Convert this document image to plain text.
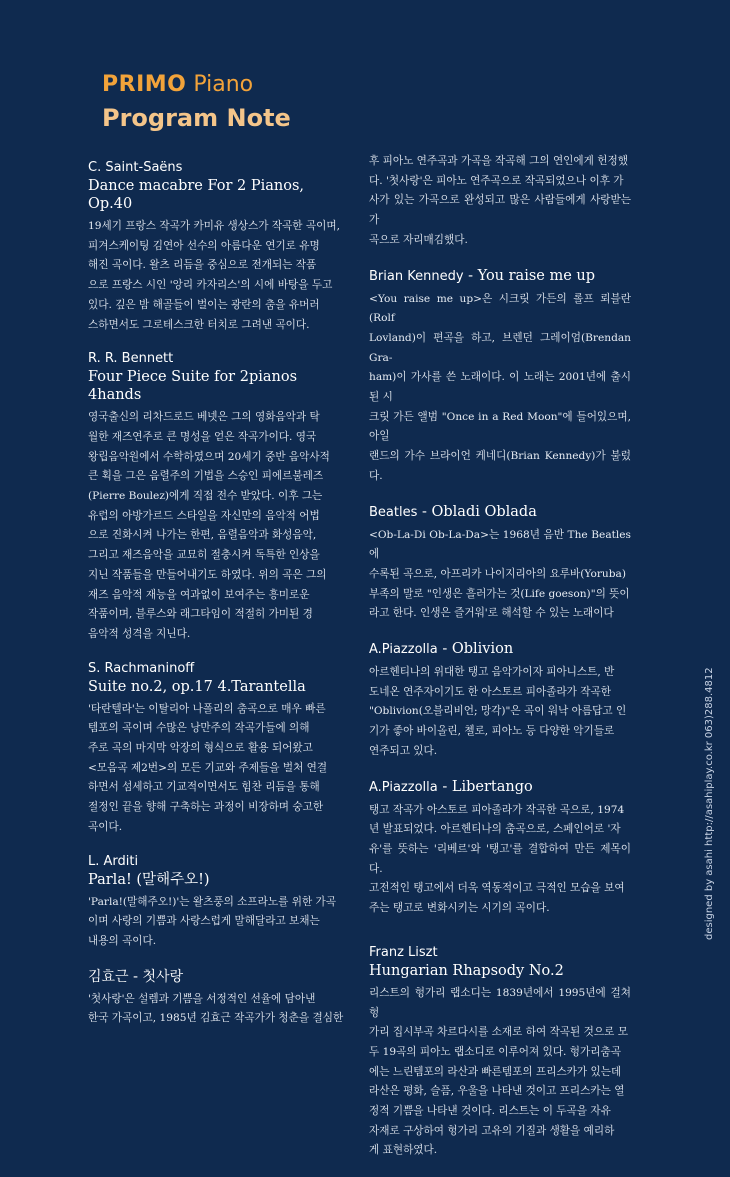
PRIMO Piano
Program Note
C. Saint-Saëns
Dance macabre For 2 Pianos, Op.40

19세기 프랑스 작곡가 카미유 생상스가 작곡한 곡이며,
피겨스케이팅 김연아 선수의 아름다운 연기로 유명
해진 곡이다. 왈츠 리듬을 중심으로 전개되는 작품
으로 프랑스 시인 '앙리 카자리스'의 시에 바탕을 두고
있다. 깊은 밤 해골들이 벌이는 광란의 춤을 유머러
스하면서도 그로테스크한 터치로 그려낸 곡이다.

R. R. Bennett
Four Piece Suite for 2pianos 4hands

영국출신의 리차드로드 베넷은 그의 영화음악과 탁
월한 재즈연주로 큰 명성을 얻은 작곡가이다. 영국
왕립음악원에서 수학하였으며 20세기 중반 음악사적
큰 획을 그은 음렬주의 기법을 스승인 피에르불레즈
(Pierre Boulez)에게 직접 전수 받았다. 이후 그는
유럽의 아방가르드 스타일을 자신만의 음악적 어법
으로 진화시켜 나가는 한편, 음렬음악과 화성음악,
그리고 재즈음악을 교묘히 절충시켜 독특한 인상을
지닌 작품들을 만들어내기도 하였다. 위의 곡은 그의
재즈 음악적 재능을 여과없이 보여주는 흥미로운
작품이며, 블루스와 래그타임이 적절히 가미된 경
음악적 성격을 지닌다.

S. Rachmaninoff
Suite no.2, op.17 4.Tarantella

'타란텔라'는 이탈리아 나폴리의 춤곡으로 매우 빠른
템포의 곡이며 수많은 낭만주의 작곡가들에 의해
주로 곡의 마지막 악장의 형식으로 활용 되어왔고
<모음곡 제2번>의 모든 기교와 주제들을 벌처 연결
하면서 섬세하고 기교적이면서도 힘찬 리듬을 통해
절정인 끝을 향해 구축하는 과정이 비장하며 숭고한
곡이다.

L. Arditi
Parla! (말해주오!)

'Parla!(말해주오!)'는 왈츠풍의 소프라노를 위한 가곡
이며 사랑의 기쁨과 사랑스럽게 말해달라고 보채는
내용의 곡이다.

김효근 - 첫사랑

'첫사랑'은 설렘과 기쁨을 서정적인 선율에 담아낸
한국 가곡이고, 1985년 김효근 작곡가가 청춘을 결심한

후 피아노 연주곡과 가곡을 작곡해 그의 연인에게 헌정했
다. '첫사랑'은 피아노 연주곡으로 작곡되었으나 이후 가
사가 있는 가곡으로 완성되고 많은 사람들에게 사랑받는 가
곡으로 자리매김했다.

Brian Kennedy - You raise me up

<You raise me up>은 시크릿 가든의 롤프 뢰블란(Rolf
Lovland)이 편곡을 하고, 브렌던 그레이엄(Brendan Gra-
ham)이 가사를 쓴 노래이다. 이 노래는 2001년에 출시된 시
크릿 가든 앨범 "Once in a Red Moon"에 들어있으며, 아일
랜드의 가수 브라이언 케네디(Brian Kennedy)가 불렀다.

Beatles - Obladi Oblada

<Ob-La-Di Ob-La-Da>는 1968년 음반 The Beatles에
수록된 곡으로, 아프리카 나이지리아의 요루바(Yoruba)
부족의 말로 "인생은 흘러가는 것(Life goeson)"의 뜻이
라고 한다. 인생은 즐거워'로 해석할 수 있는 노래이다

A.Piazzolla - Oblivion

아르헨티나의 위대한 탱고 음악가이자 피아니스트, 반
도네온 연주자이기도 한 아스토르 피아졸라가 작곡한
"Oblivion(오블리비언; 망각)"은 곡이 워낙 아름답고 인
기가 좋아 바이올린, 첼로, 피아노 등 다양한 악기들로
연주되고 있다.

A.Piazzolla - Libertango

탱고 작곡가 아스토르 피아졸라가 작곡한 곡으로, 1974
년 발표되었다. 아르헨티나의 춤곡으로, 스페인어로 '자
유'를 뜻하는 '리베르'와 '탱고'를 결합하여 만든 제목이다.
고전적인 탱고에서 더욱 역동적이고 극적인 모습을 보여
주는 탱고로 변화시키는 시기의 곡이다.

Franz Liszt
Hungarian Rhapsody No.2

리스트의 헝가리 랩소디는 1839년에서 1995년에 걸쳐 헝
가리 집시부곡 차르다시를 소재로 하여 작곡된 것으로 모
두 19곡의 피아노 랩소디로 이루어져 있다. 헝가리춤곡
에는 느린템포의 라산과 빠른템포의 프리스카가 있는데
라산은 평화, 슬픔, 우울을 나타낸 것이고 프리스카는 열
정적 기쁨을 나타낸 것이다. 리스트는 이 두곡을 자유
자재로 구상하여 헝가리 고유의 기질과 생활을 예리하
게 표현하였다.

designed by asahi http://asahiplay.co.kr 063)288.4812
